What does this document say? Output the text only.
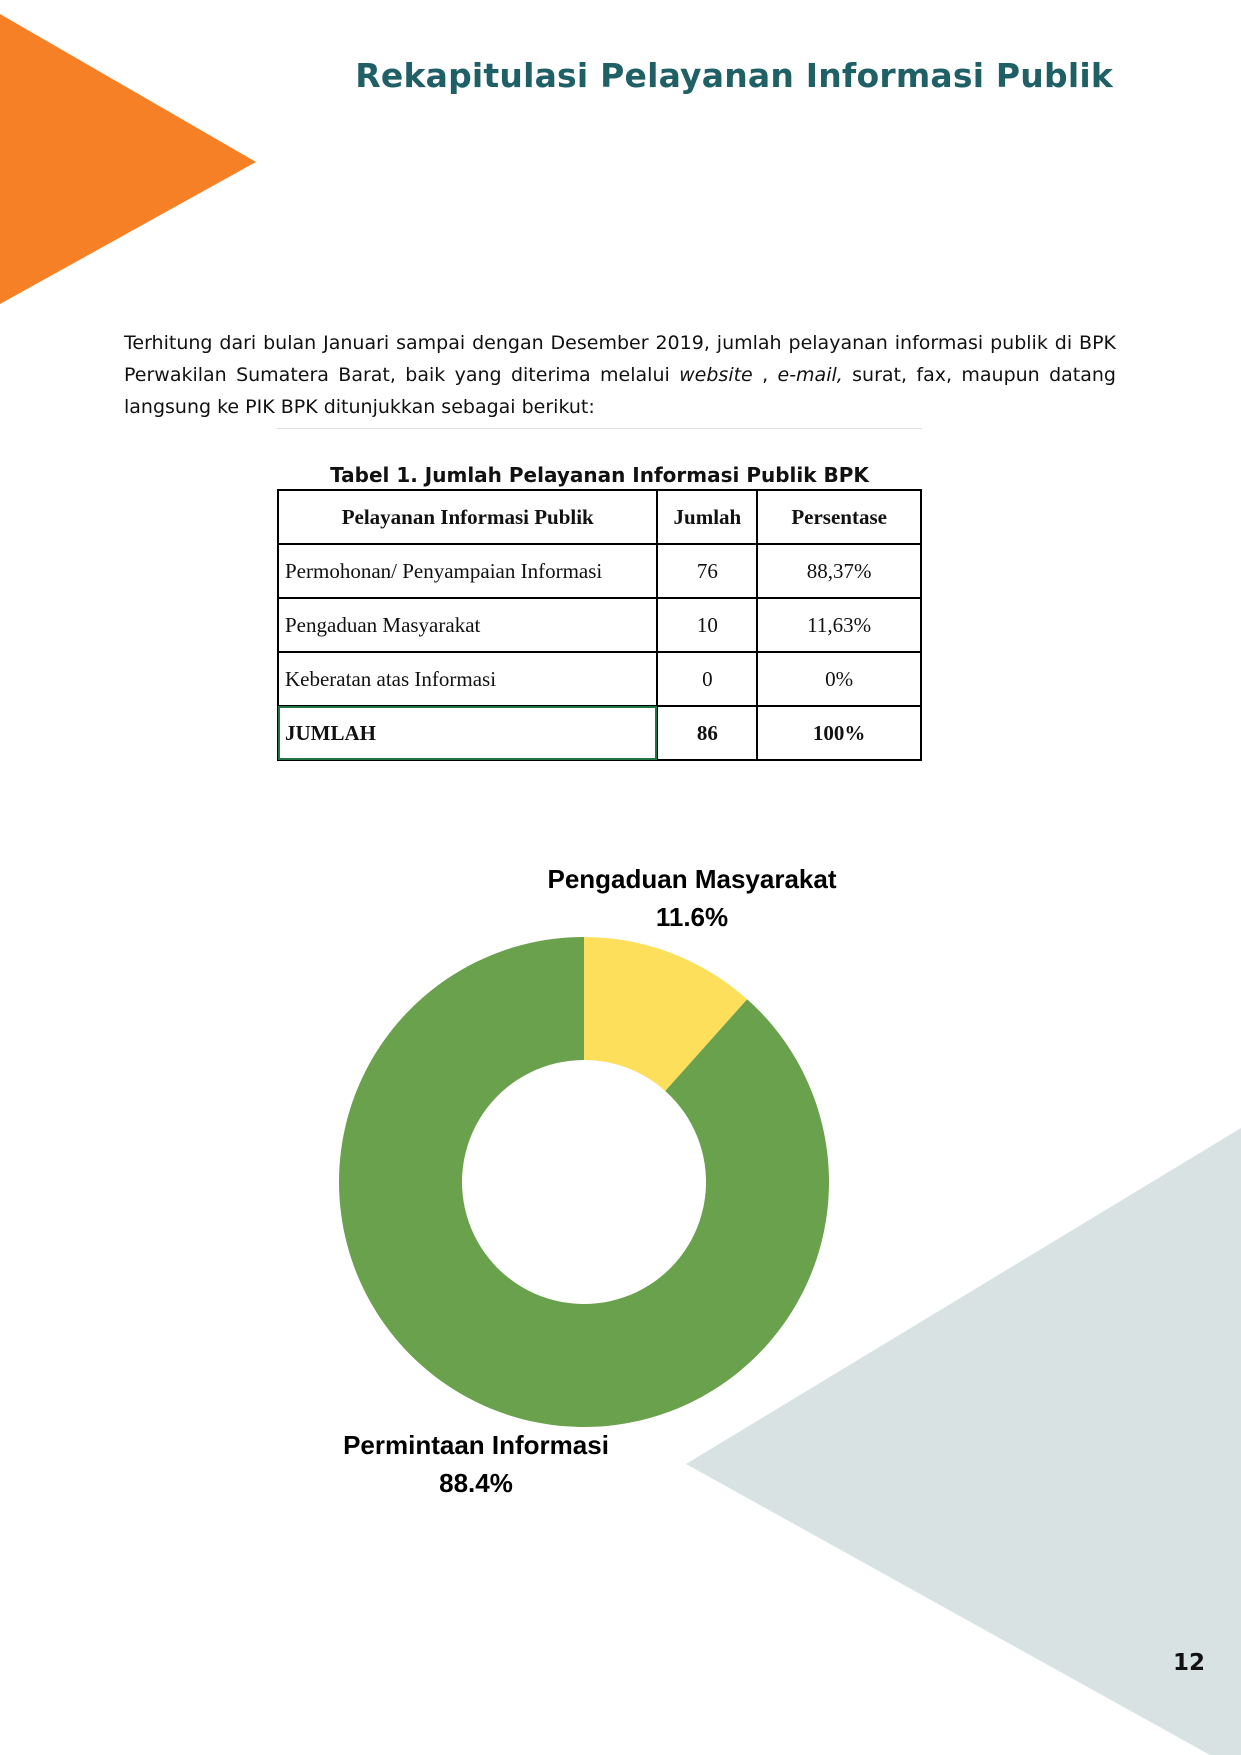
Rekapitulasi Pelayanan Informasi Publik

Terhitung dari bulan Januari sampai dengan Desember 2019, jumlah pelayanan informasi publik di BPK Perwakilan Sumatera Barat, baik yang diterima melalui website , e-mail, surat, fax, maupun datang langsung ke PIK BPK ditunjukkan sebagai berikut:

Tabel 1. Jumlah Pelayanan Informasi Publik BPK
Pelayanan Informasi Publik	Jumlah	Persentase
Permohonan/ Penyampaian Informasi	76	88,37%
Pengaduan Masyarakat	10	11,63%
Keberatan atas Informasi	0	0%
JUMLAH	86	100%
Pengaduan Masyarakat
11.6%
Permintaan Informasi
88.4%
12
